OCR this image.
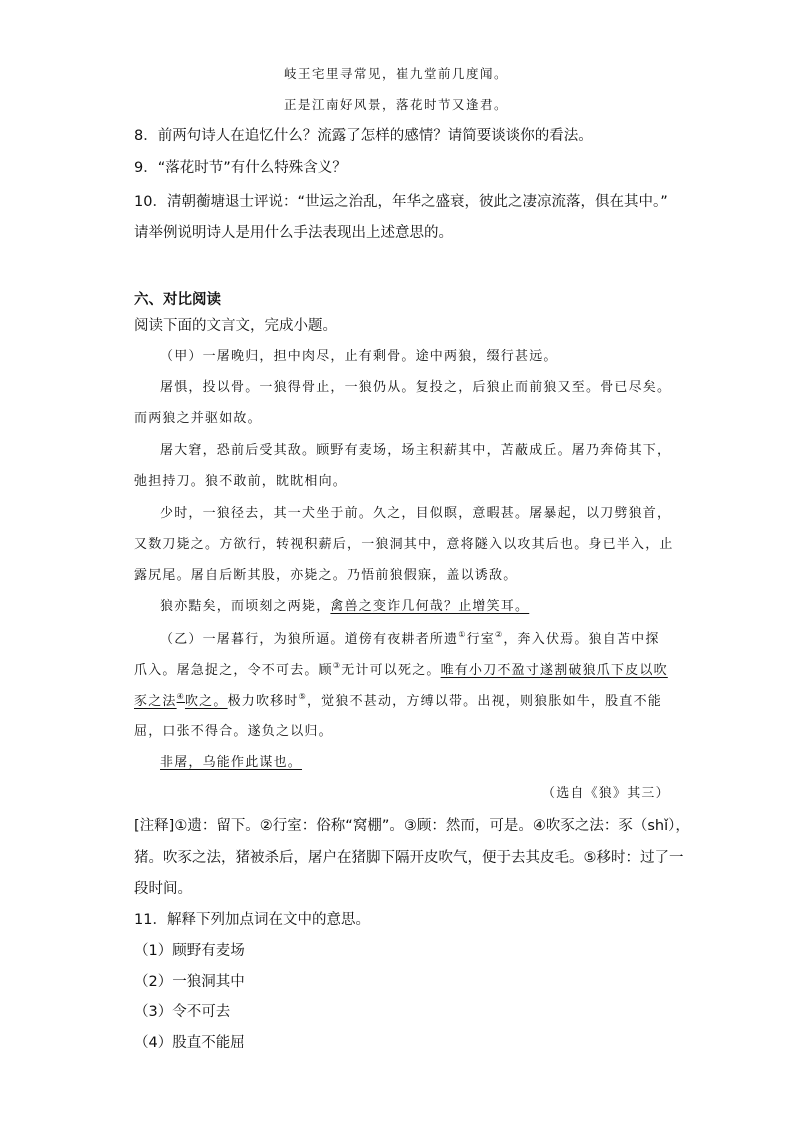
岐王宅里寻常见，崔九堂前几度闻。
正是江南好风景，落花时节又逢君。
8．前两句诗人在追忆什么？流露了怎样的感情？请简要谈谈你的看法。
9．“落花时节”有什么特殊含义？
10．清朝蘅塘退士评说：“世运之治乱，年华之盛衰，彼此之凄凉流落，俱在其中。”
请举例说明诗人是用什么手法表现出上述意思的。
六、对比阅读
阅读下面的文言文，完成小题。
（甲）一屠晚归，担中肉尽，止有剩骨。途中两狼，缀行甚远。
屠惧，投以骨。一狼得骨止，一狼仍从。复投之，后狼止而前狼又至。骨已尽矣。
而两狼之并驱如故。
屠大窘，恐前后受其敌。顾野有麦场，场主积薪其中，苫蔽成丘。屠乃奔倚其下，
弛担持刀。狼不敢前，眈眈相向。
少时，一狼径去，其一犬坐于前。久之，目似瞑，意暇甚。屠暴起，以刀劈狼首，
又数刀毙之。方欲行，转视积薪后，一狼洞其中，意将隧入以攻其后也。身已半入，止
露尻尾。屠自后断其股，亦毙之。乃悟前狼假寐，盖以诱敌。
狼亦黠矣，而顷刻之两毙，禽兽之变诈几何哉？止增笑耳。
（乙）一屠暮行，为狼所逼。道傍有夜耕者所遗①行室②，奔入伏焉。狼自苫中探
爪入。屠急捉之，令不可去。顾③无计可以死之。唯有小刀不盈寸遂割破狼爪下皮以吹
豕之法④吹之。极力吹移时⑤，觉狼不甚动，方缚以带。出视，则狼胀如牛，股直不能
屈，口张不得合。遂负之以归。
非屠，乌能作此谋也。
（选自《狼》其三）
[注释]①遗：留下。②行室：俗称“窝棚”。③顾：然而，可是。④吹豕之法：豕（shǐ），
猪。吹豕之法，猪被杀后，屠户在猪脚下隔开皮吹气，便于去其皮毛。⑤移时：过了一
段时间。
11．解释下列加点词在文中的意思。
（1）顾野有麦场
（2）一狼洞其中
（3）令不可去
（4）股直不能屈
